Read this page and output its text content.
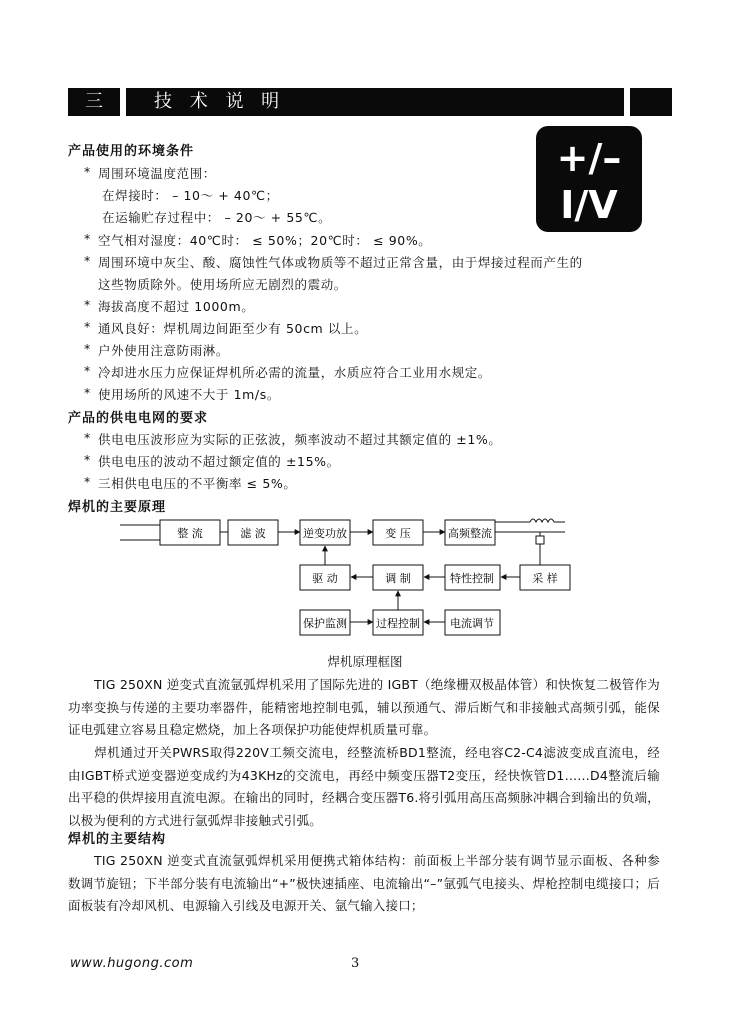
三	技 术 说 明
+/–
I/V
产品使用的环境条件
* 周围环境温度范围：
在焊接时： – 10～ + 40℃；
在运输贮存过程中： – 20～ + 55℃。
* 空气相对湿度：40℃时： ≤ 50%；20℃时： ≤ 90%。
* 周围环境中灰尘、酸、腐蚀性气体或物质等不超过正常含量，由于焊接过程而产生的
这些物质除外。使用场所应无剧烈的震动。
* 海拔高度不超过 1000m。
* 通风良好：焊机周边间距至少有 50cm 以上。
* 户外使用注意防雨淋。
* 冷却进水压力应保证焊机所必需的流量，水质应符合工业用水规定。
* 使用场所的风速不大于 1m/s。
产品的供电电网的要求
* 供电电压波形应为实际的正弦波，频率波动不超过其额定值的 ±1%。
* 供电电压的波动不超过额定值的 ±15%。
* 三相供电电压的不平衡率 ≤ 5%。
焊机的主要原理
整 流	滤 波	逆变功放	变 压	高频整流
驱 动	调 制	特性控制	采 样
保护监测	过程控制	电流调节
焊机原理框图
TIG 250XN 逆变式直流氩弧焊机采用了国际先进的 IGBT（绝缘栅双极晶体管）和快恢复二极管作为功率变换与传递的主要功率器件，能精密地控制电弧，辅以预通气、滞后断气和非接触式高频引弧，能保证电弧建立容易且稳定燃烧，加上各项保护功能使焊机质量可靠。
焊机通过开关PWRS取得220V工频交流电，经整流桥BD1整流，经电容C2-C4滤波变成直流电，经由IGBT桥式逆变器逆变成约为43KHz的交流电，再经中频变压器T2变压，经快恢管D1……D4整流后输出平稳的供焊接用直流电源。在输出的同时，经耦合变压器T6.将引弧用高压高频脉冲耦合到输出的负端，以极为便利的方式进行氩弧焊非接触式引弧。
焊机的主要结构
TIG 250XN 逆变式直流氩弧焊机采用便携式箱体结构：前面板上半部分装有调节显示面板、各种参数调节旋钮；下半部分装有电流输出“+”极快速插座、电流输出“–”氩弧气电接头、焊枪控制电缆接口；后面板装有冷却风机、电源输入引线及电源开关、氩气输入接口；
www.hugong.com	3
